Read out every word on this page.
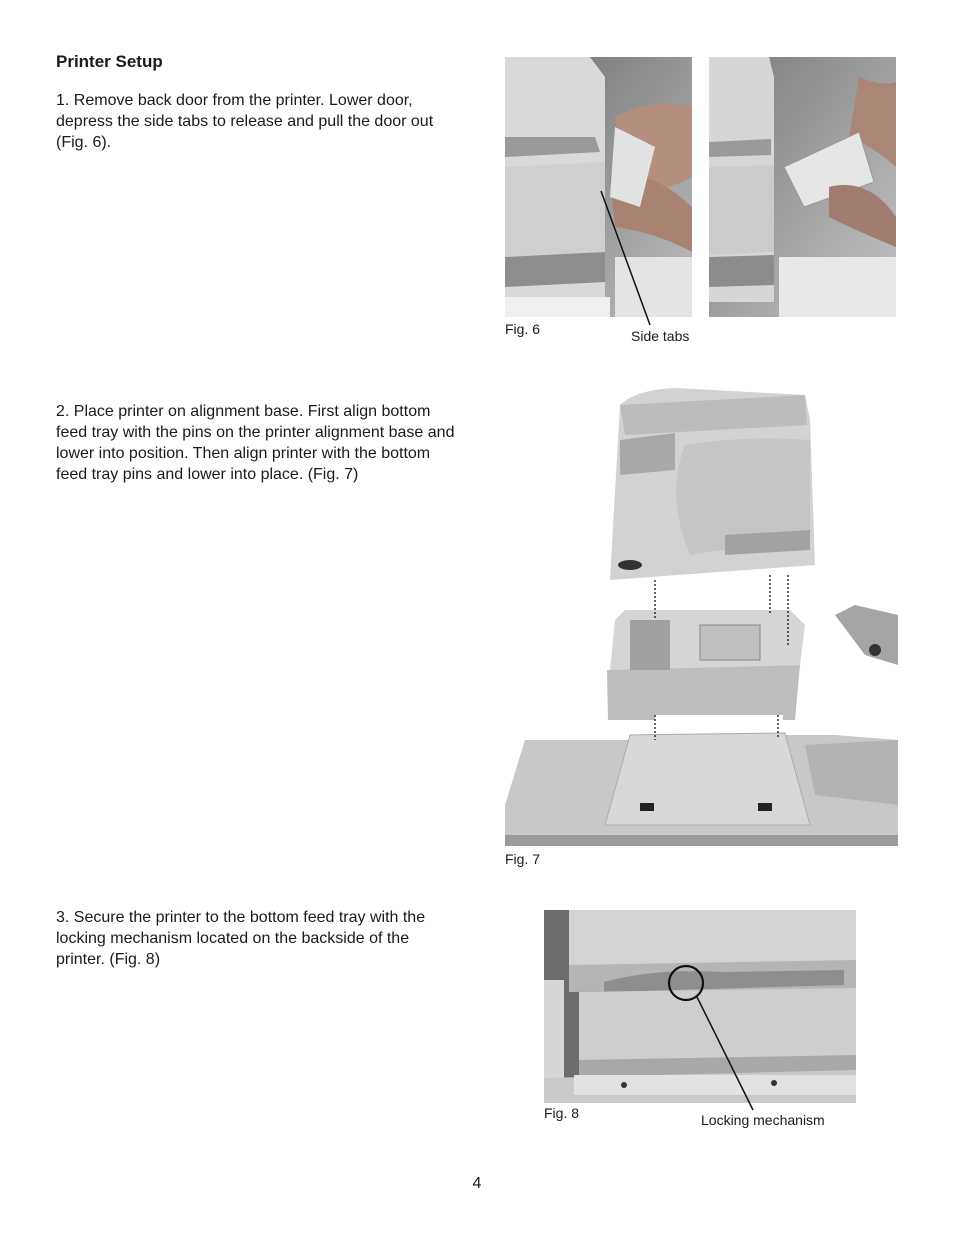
Printer Setup
1. Remove back door from the printer. Lower door, depress the side tabs to release and pull the door out (Fig. 6).
2. Place printer on alignment base. First align bottom feed tray with the pins on the printer alignment base and lower into position. Then align printer with the bottom feed tray pins and lower into place. (Fig. 7)
3. Secure the printer to the bottom feed tray with the locking mechanism located on the backside of the printer. (Fig. 8)
Fig. 6	Side tabs
Fig. 7
Fig. 8	Locking mechanism
4
